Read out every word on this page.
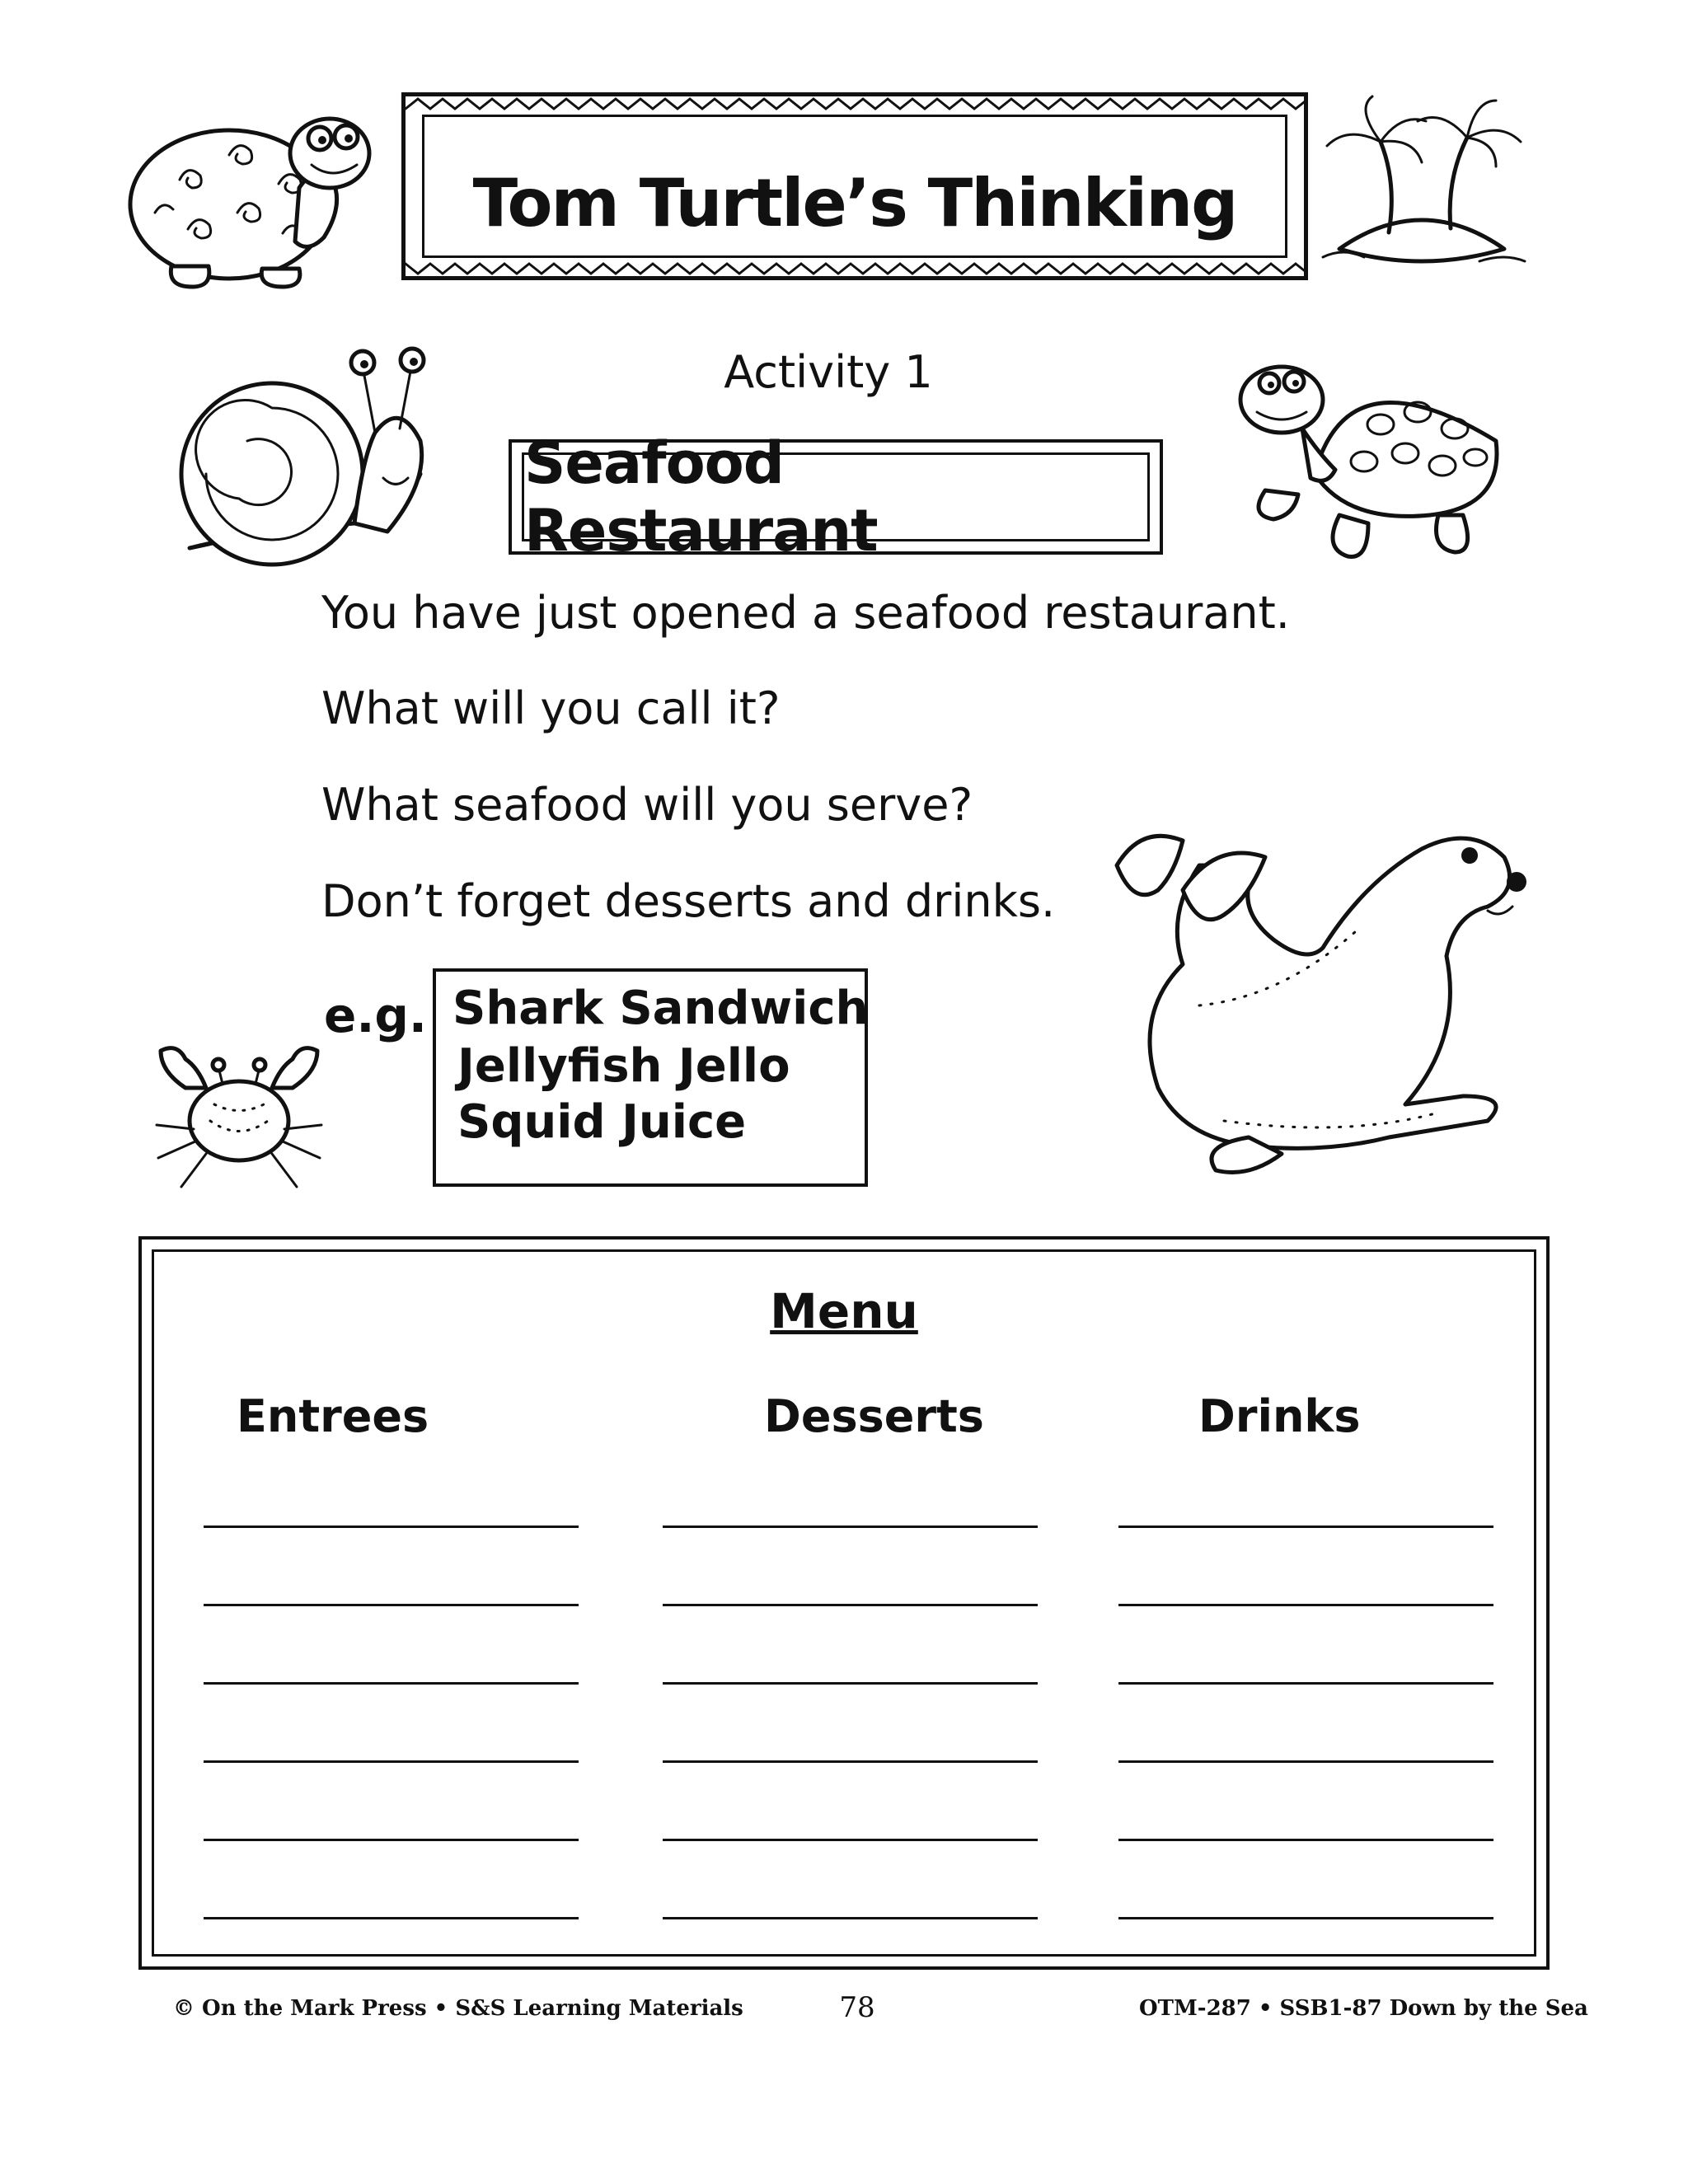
Tom Turtle’s Thinking
Activity 1
Seafood Restaurant
You have just opened a seafood restaurant.
What will you call it?
What seafood will you serve?
Don’t forget desserts and drinks.
e.g. Shark Sandwich
Jellyfish Jello
Squid Juice
Menu
Entrees	Desserts	Drinks
© On the Mark Press • S&S Learning Materials	78	OTM-287 • SSB1-87 Down by the Sea
